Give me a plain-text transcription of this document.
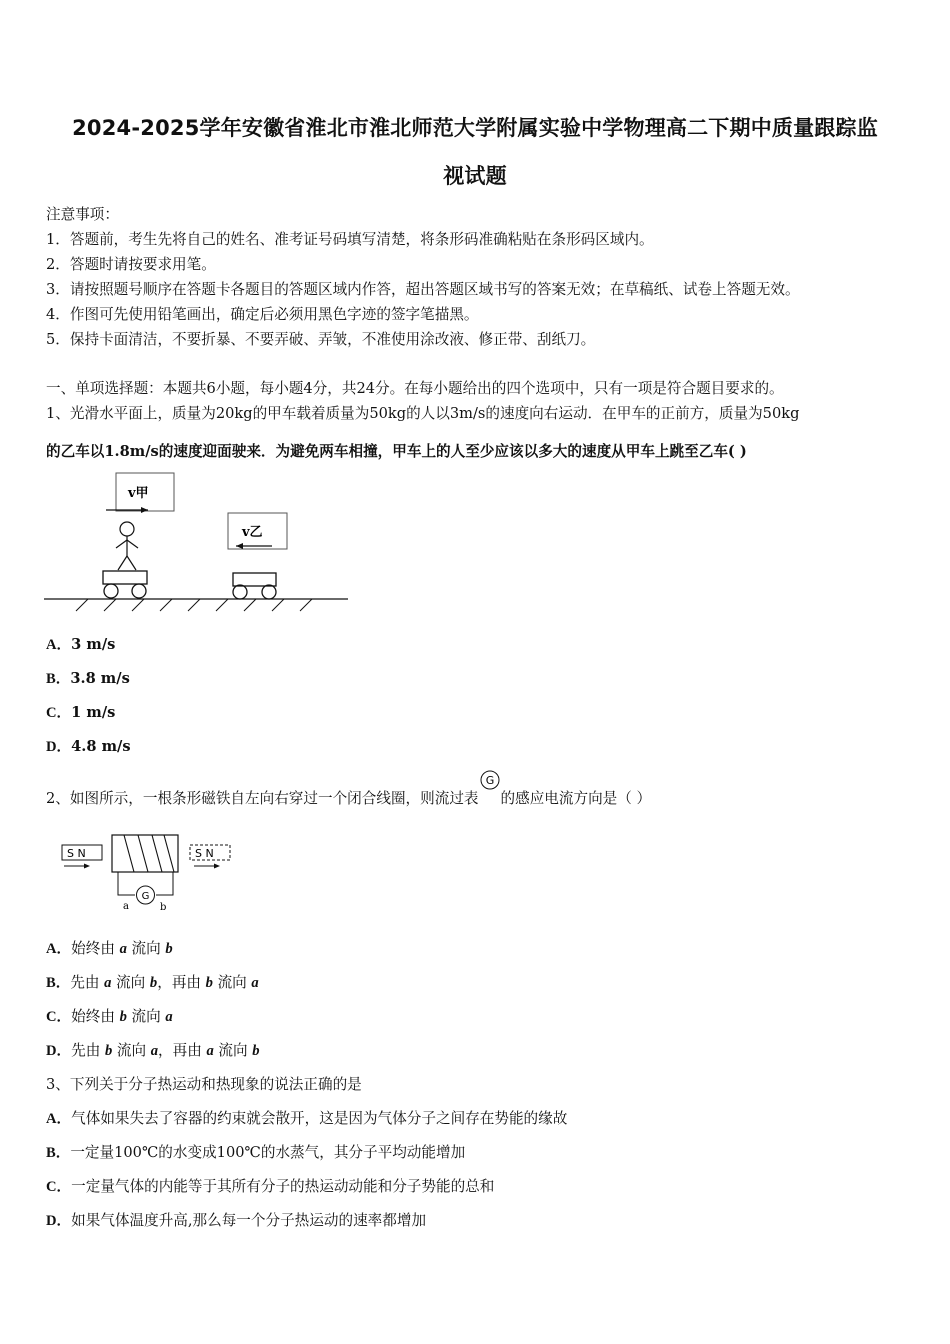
2024-2025学年安徽省淮北市淮北师范大学附属实验中学物理高二下期中质量跟踪监
视试题
注意事项：
1．答题前，考生先将自己的姓名、准考证号码填写清楚，将条形码准确粘贴在条形码区域内。
2．答题时请按要求用笔。
3．请按照题号顺序在答题卡各题目的答题区域内作答，超出答题区域书写的答案无效；在草稿纸、试卷上答题无效。
4．作图可先使用铅笔画出，确定后必须用黑色字迹的签字笔描黑。
5．保持卡面清洁，不要折暴、不要弄破、弄皱，不准使用涂改液、修正带、刮纸刀。
一、单项选择题：本题共6小题，每小题4分，共24分。在每小题给出的四个选项中，只有一项是符合题目要求的。
1、光滑水平面上，质量为20kg的甲车载着质量为50kg的人以3m/s的速度向右运动．在甲车的正前方，质量为50kg
的乙车以1.8m/s的速度迎面驶来．为避免两车相撞，甲车上的人至少应该以多大的速度从甲车上跳至乙车( )
v甲
v乙
A．3 m/s
B．3.8 m/s
C．1 m/s
D．4.8 m/s
2、如图所示，一根条形磁铁自左向右穿过一个闭合线圈，则流过表
G
的感应电流方向是（ ）
S N
G
a	b
S N
A．始终由 a 流向 b
B．先由 a 流向 b，再由 b 流向 a
C．始终由 b 流向 a
D．先由 b 流向 a，再由 a 流向 b
3、下列关于分子热运动和热现象的说法正确的是
A．气体如果失去了容器的约束就会散开，这是因为气体分子之间存在势能的缘故
B．一定量100℃的水变成100℃的水蒸气，其分子平均动能增加
C．一定量气体的内能等于其所有分子的热运动动能和分子势能的总和
D．如果气体温度升高,那么每一个分子热运动的速率都增加
